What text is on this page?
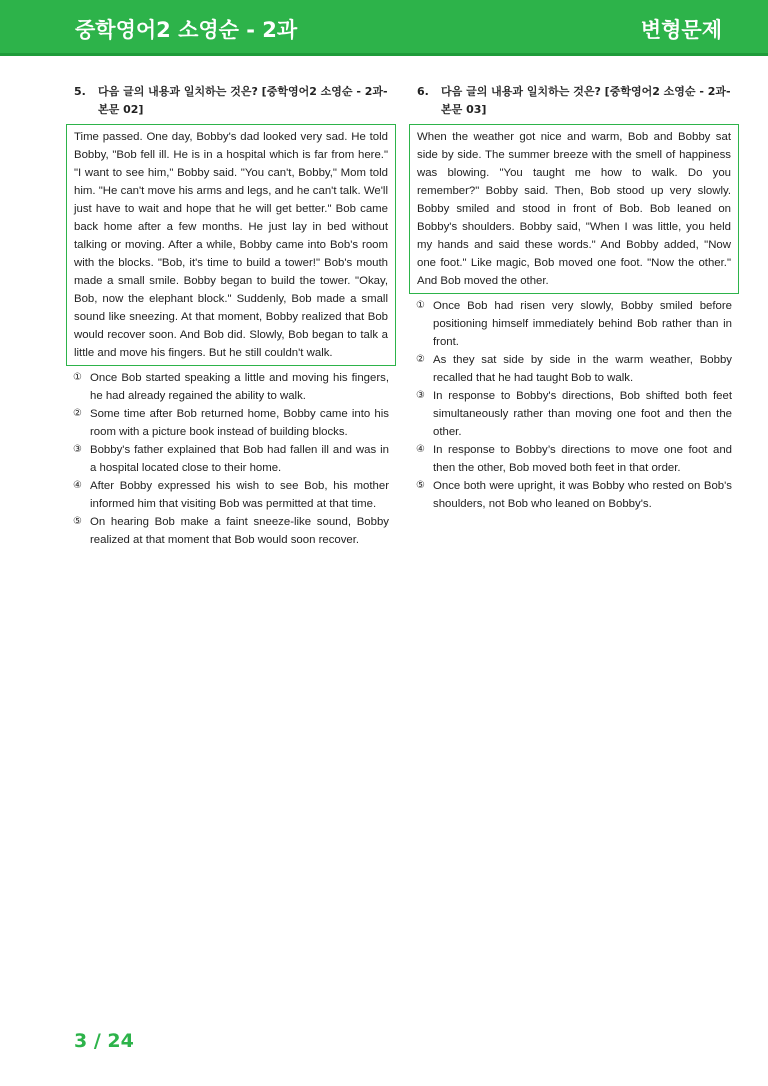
중학영어2 소영순 - 2과	변형문제
5.	다음 글의 내용과 일치하는 것은? [중학영어2 소영순 - 2과-본문 02]
Time passed. One day, Bobby's dad looked very sad. He told Bobby, "Bob fell ill. He is in a hospital which is far from here." "I want to see him," Bobby said. "You can't, Bobby," Mom told him. "He can't move his arms and legs, and he can't talk. We'll just have to wait and hope that he will get better." Bob came back home after a few months. He just lay in bed without talking or moving. After a while, Bobby came into Bob's room with the blocks. "Bob, it's time to build a tower!" Bob's mouth made a small smile. Bobby began to build the tower. "Okay, Bob, now the elephant block." Suddenly, Bob made a small sound like sneezing. At that moment, Bobby realized that Bob would recover soon. And Bob did. Slowly, Bob began to talk a little and move his fingers. But he still couldn't walk.
① Once Bob started speaking a little and moving his fingers, he had already regained the ability to walk.
② Some time after Bob returned home, Bobby came into his room with a picture book instead of building blocks.
③ Bobby's father explained that Bob had fallen ill and was in a hospital located close to their home.
④ After Bobby expressed his wish to see Bob, his mother informed him that visiting Bob was permitted at that time.
⑤ On hearing Bob make a faint sneeze-like sound, Bobby realized at that moment that Bob would soon recover.
6.	다음 글의 내용과 일치하는 것은? [중학영어2 소영순 - 2과-본문 03]
When the weather got nice and warm, Bob and Bobby sat side by side. The summer breeze with the smell of happiness was blowing. "You taught me how to walk. Do you remember?" Bobby said. Then, Bob stood up very slowly. Bobby smiled and stood in front of Bob. Bob leaned on Bobby's shoulders. Bobby said, "When I was little, you held my hands and said these words." And Bobby added, "Now one foot." Like magic, Bob moved one foot. "Now the other." And Bob moved the other.
① Once Bob had risen very slowly, Bobby smiled before positioning himself immediately behind Bob rather than in front.
② As they sat side by side in the warm weather, Bobby recalled that he had taught Bob to walk.
③ In response to Bobby's directions, Bob shifted both feet simultaneously rather than moving one foot and then the other.
④ In response to Bobby’s directions to move one foot and then the other, Bob moved both feet in that order.
⑤ Once both were upright, it was Bobby who rested on Bob's shoulders, not Bob who leaned on Bobby's.
3 / 24
